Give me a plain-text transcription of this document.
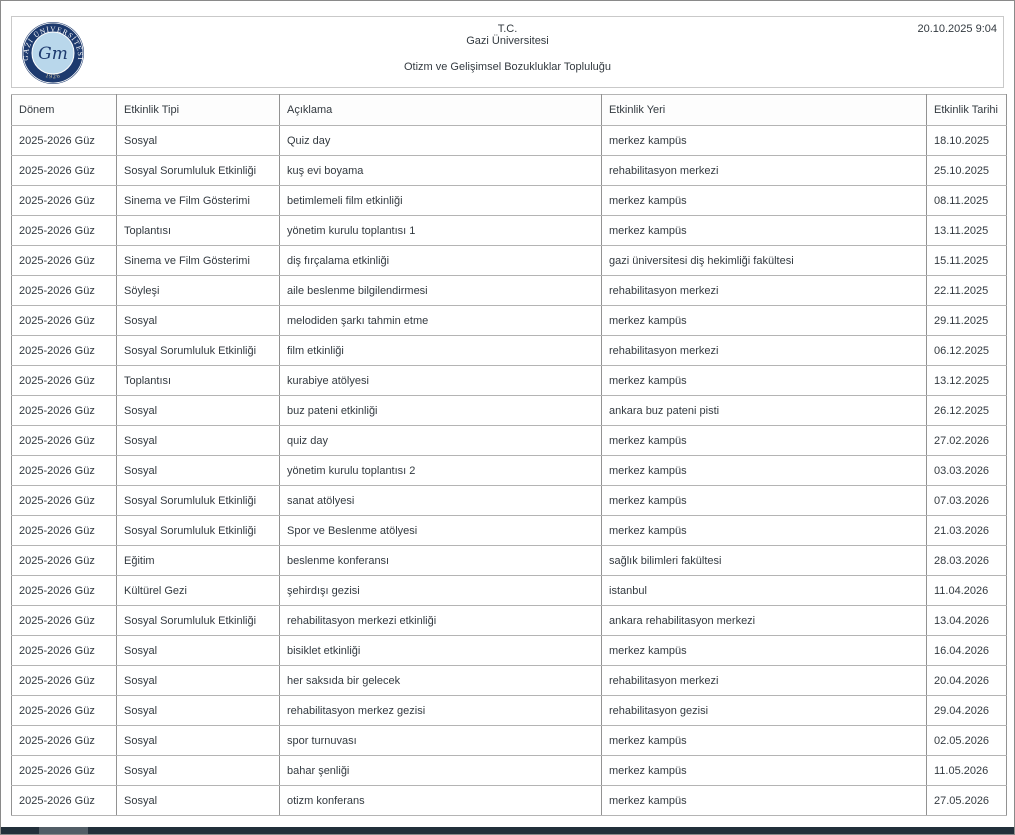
GAZİ ÜNİVERSİTESİ
1926
Gm
T.C.
Gazi Üniversitesi
Otizm ve Gelişimsel Bozukluklar Topluluğu
20.10.2025 9:04
Dönem	Etkinlik Tipi	Açıklama	Etkinlik Yeri	Etkinlik Tarihi
2025-2026 Güz	Sosyal	Quiz day	merkez kampüs	18.10.2025
2025-2026 Güz	Sosyal Sorumluluk Etkinliği	kuş evi boyama	rehabilitasyon merkezi	25.10.2025
2025-2026 Güz	Sinema ve Film Gösterimi	betimlemeli film etkinliği	merkez kampüs	08.11.2025
2025-2026 Güz	Toplantısı	yönetim kurulu toplantısı 1	merkez kampüs	13.11.2025
2025-2026 Güz	Sinema ve Film Gösterimi	diş fırçalama etkinliği	gazi üniversitesi diş hekimliği fakültesi	15.11.2025
2025-2026 Güz	Söyleşi	aile beslenme bilgilendirmesi	rehabilitasyon merkezi	22.11.2025
2025-2026 Güz	Sosyal	melodiden şarkı tahmin etme	merkez kampüs	29.11.2025
2025-2026 Güz	Sosyal Sorumluluk Etkinliği	film etkinliği	rehabilitasyon merkezi	06.12.2025
2025-2026 Güz	Toplantısı	kurabiye atölyesi	merkez kampüs	13.12.2025
2025-2026 Güz	Sosyal	buz pateni etkinliği	ankara buz pateni pisti	26.12.2025
2025-2026 Güz	Sosyal	quiz day	merkez kampüs	27.02.2026
2025-2026 Güz	Sosyal	yönetim kurulu toplantısı 2	merkez kampüs	03.03.2026
2025-2026 Güz	Sosyal Sorumluluk Etkinliği	sanat atölyesi	merkez kampüs	07.03.2026
2025-2026 Güz	Sosyal Sorumluluk Etkinliği	Spor ve Beslenme atölyesi	merkez kampüs	21.03.2026
2025-2026 Güz	Eğitim	beslenme konferansı	sağlık bilimleri fakültesi	28.03.2026
2025-2026 Güz	Kültürel Gezi	şehirdışı gezisi	istanbul	11.04.2026
2025-2026 Güz	Sosyal Sorumluluk Etkinliği	rehabilitasyon merkezi etkinliği	ankara rehabilitasyon merkezi	13.04.2026
2025-2026 Güz	Sosyal	bisiklet etkinliği	merkez kampüs	16.04.2026
2025-2026 Güz	Sosyal	her saksıda bir gelecek	rehabilitasyon merkezi	20.04.2026
2025-2026 Güz	Sosyal	rehabilitasyon merkez gezisi	rehabilitasyon gezisi	29.04.2026
2025-2026 Güz	Sosyal	spor turnuvası	merkez kampüs	02.05.2026
2025-2026 Güz	Sosyal	bahar şenliği	merkez kampüs	11.05.2026
2025-2026 Güz	Sosyal	otizm konferans	merkez kampüs	27.05.2026
